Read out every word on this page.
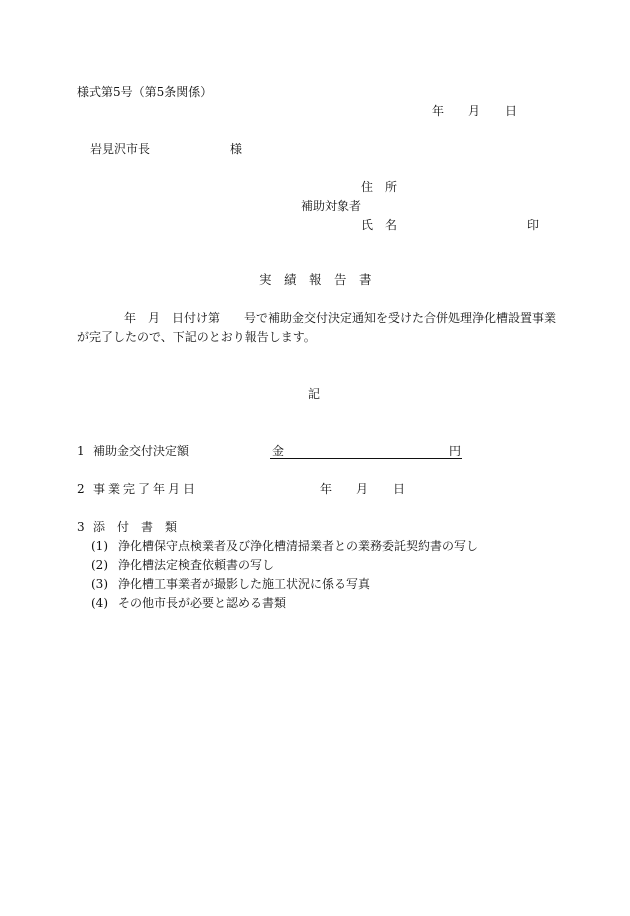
様式第5号（第5条関係）
年 月 日
岩見沢市長	様
住　所
補助対象者
氏　名	印
実　績　報　告　書
年　月　日付け第　　号で補助金交付決定通知を受けた合併処理浄化槽設置事業
が完了したので、下記のとおり報告します。
記
1 補助金交付決定額	金	円
2 事業完了年月日	年 月 日
3 添　付　書　類
(1) 浄化槽保守点検業者及び浄化槽清掃業者との業務委託契約書の写し
(2) 浄化槽法定検査依頼書の写し
(3) 浄化槽工事業者が撮影した施工状況に係る写真
(4) その他市長が必要と認める書類
